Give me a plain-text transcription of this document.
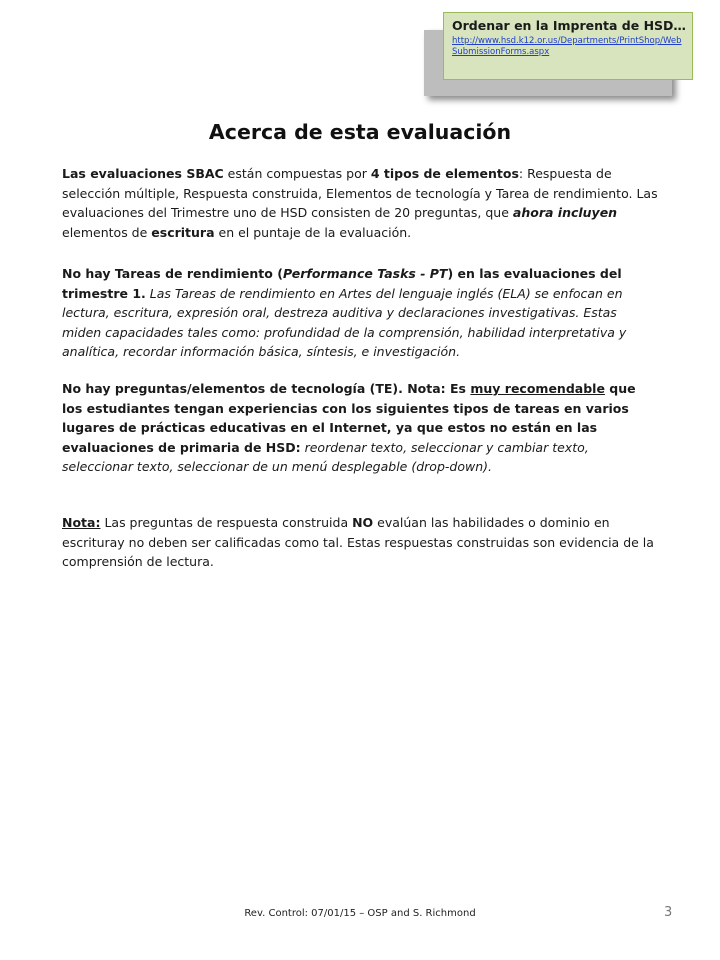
Ordenar en la Imprenta de HSD…
http://www.hsd.k12.or.us/Departments/PrintShop/WebSubmissionForms.aspx
Acerca de esta evaluación

Las evaluaciones SBAC están compuestas por 4 tipos de elementos: Respuesta de selección múltiple, Respuesta construida, Elementos de tecnología y Tarea de rendimiento. Las evaluaciones del Trimestre uno de HSD consisten de 20 preguntas, que ahora incluyen elementos de escritura en el puntaje de la evaluación.

No hay Tareas de rendimiento (Performance Tasks - PT) en las evaluaciones del trimestre 1. Las Tareas de rendimiento en Artes del lenguaje inglés (ELA) se enfocan en lectura, escritura, expresión oral, destreza auditiva y declaraciones investigativas. Estas miden capacidades tales como: profundidad de la comprensión, habilidad interpretativa y analítica, recordar información básica, síntesis, e investigación.

No hay preguntas/elementos de tecnología (TE). Nota: Es muy recomendable que los estudiantes tengan experiencias con los siguientes tipos de tareas en varios lugares de prácticas educativas en el Internet, ya que estos no están en las evaluaciones de primaria de HSD: reordenar texto, seleccionar y cambiar texto, seleccionar texto, seleccionar de un menú desplegable (drop-down).

Nota: Las preguntas de respuesta construida NO evalúan las habilidades o dominio en escrituray no deben ser calificadas como tal. Estas respuestas construidas son evidencia de la comprensión de lectura.

Rev. Control: 07/01/15 – OSP and S. Richmond	3
